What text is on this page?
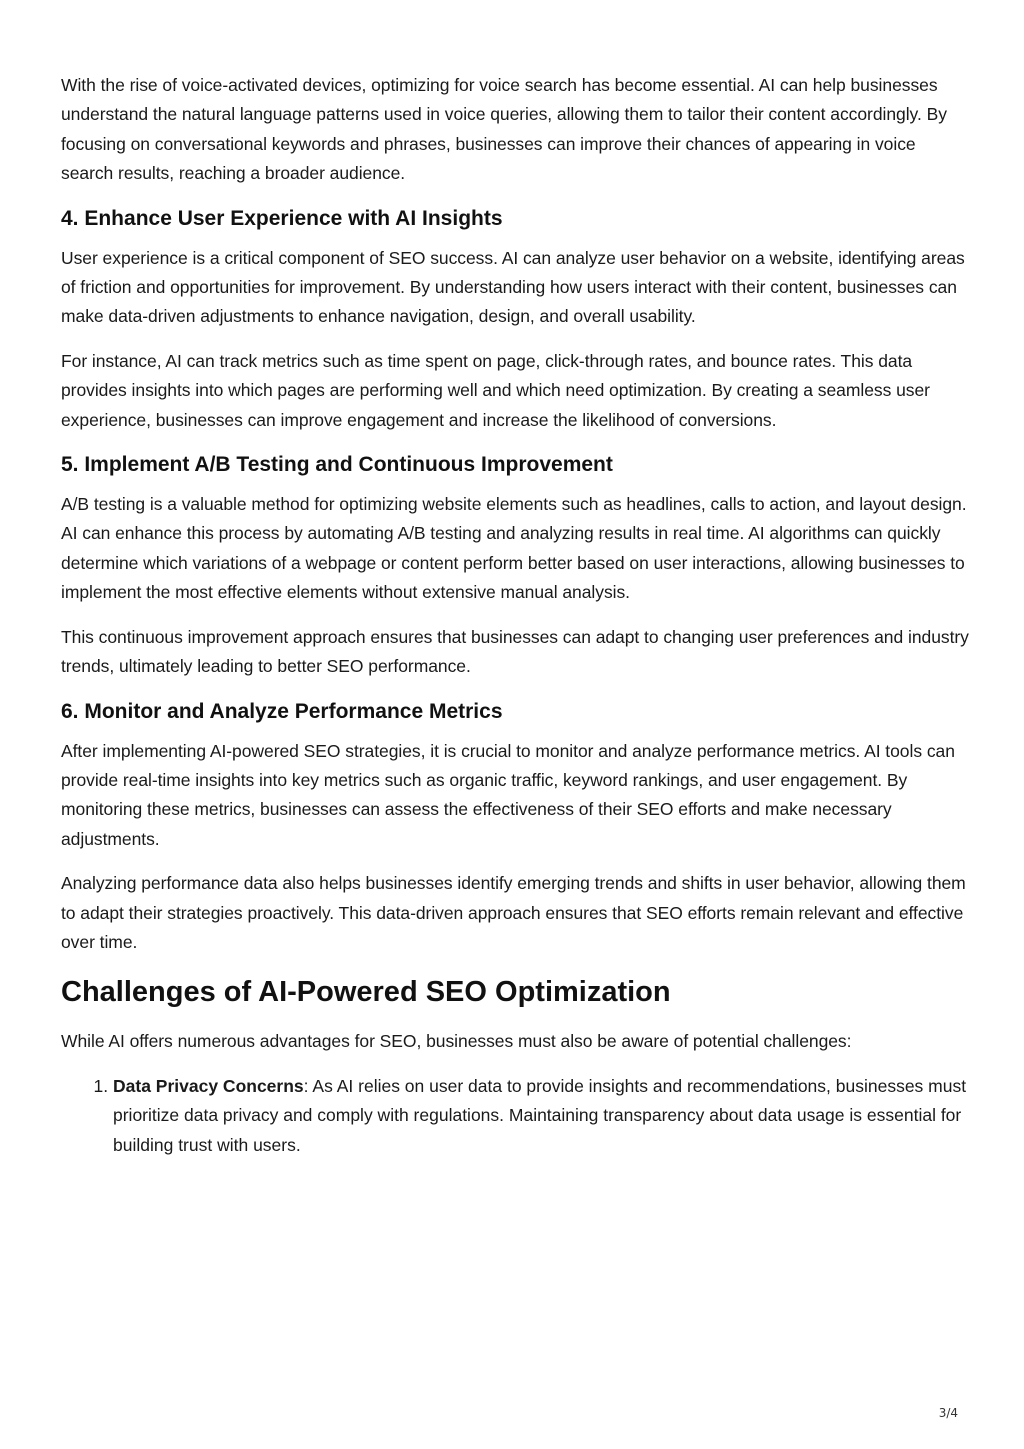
With the rise of voice-activated devices, optimizing for voice search has become essential. AI can help businesses understand the natural language patterns used in voice queries, allowing them to tailor their content accordingly. By focusing on conversational keywords and phrases, businesses can improve their chances of appearing in voice search results, reaching a broader audience.

4. Enhance User Experience with AI Insights

User experience is a critical component of SEO success. AI can analyze user behavior on a website, identifying areas of friction and opportunities for improvement. By understanding how users interact with their content, businesses can make data-driven adjustments to enhance navigation, design, and overall usability.

For instance, AI can track metrics such as time spent on page, click-through rates, and bounce rates. This data provides insights into which pages are performing well and which need optimization. By creating a seamless user experience, businesses can improve engagement and increase the likelihood of conversions.

5. Implement A/B Testing and Continuous Improvement

A/B testing is a valuable method for optimizing website elements such as headlines, calls to action, and layout design. AI can enhance this process by automating A/B testing and analyzing results in real time. AI algorithms can quickly determine which variations of a webpage or content perform better based on user interactions, allowing businesses to implement the most effective elements without extensive manual analysis.

This continuous improvement approach ensures that businesses can adapt to changing user preferences and industry trends, ultimately leading to better SEO performance.

6. Monitor and Analyze Performance Metrics

After implementing AI-powered SEO strategies, it is crucial to monitor and analyze performance metrics. AI tools can provide real-time insights into key metrics such as organic traffic, keyword rankings, and user engagement. By monitoring these metrics, businesses can assess the effectiveness of their SEO efforts and make necessary adjustments.

Analyzing performance data also helps businesses identify emerging trends and shifts in user behavior, allowing them to adapt their strategies proactively. This data-driven approach ensures that SEO efforts remain relevant and effective over time.

Challenges of AI-Powered SEO Optimization

While AI offers numerous advantages for SEO, businesses must also be aware of potential challenges:

1. Data Privacy Concerns: As AI relies on user data to provide insights and recommendations, businesses must prioritize data privacy and comply with regulations. Maintaining transparency about data usage is essential for building trust with users.
3/4
